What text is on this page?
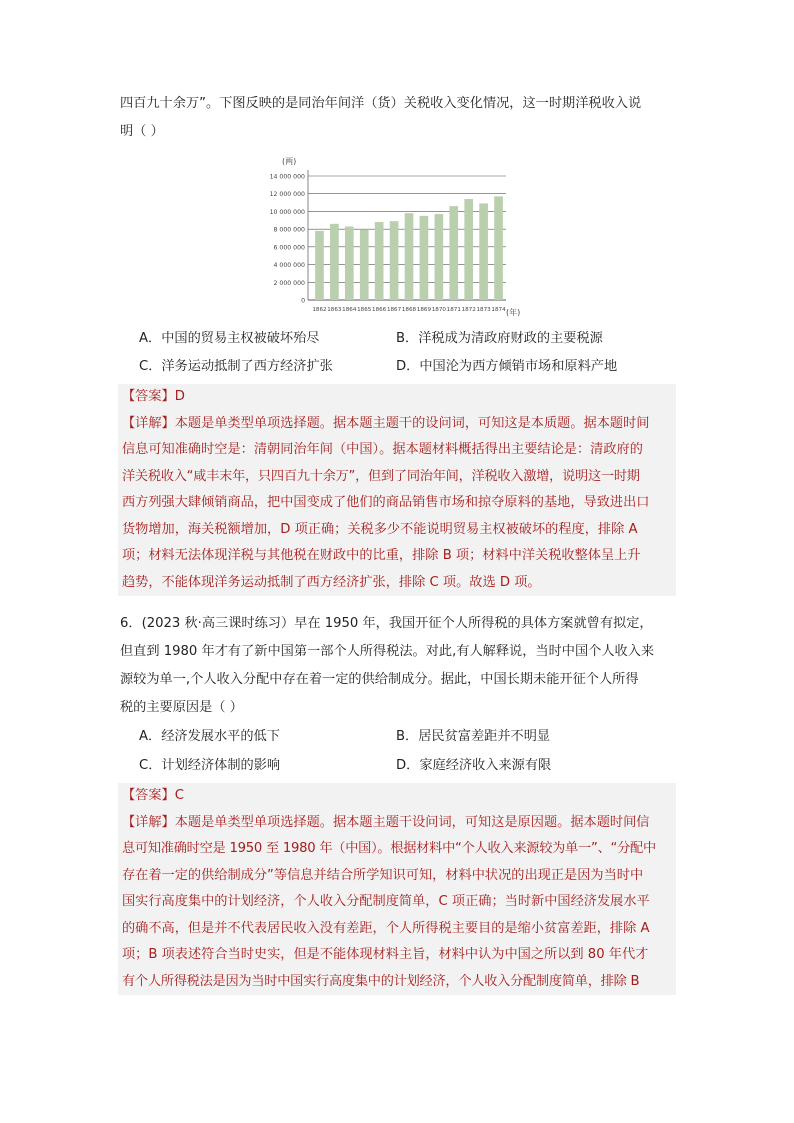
四百九十余万”。下图反映的是同治年间洋（货）关税收入变化情况，这一时期洋税收入说

明（ ）

0
2 000 000
4 000 000
6 000 000
8 000 000
10 000 000
12 000 000
14 000 000
1862 1863 1864 1865 1866 1867 1868 1869 1870 1871 1872 1873 1874
(两)
(年)
A．中国的贸易主权被破坏殆尽	B．洋税成为清政府财政的主要税源
C．洋务运动抵制了西方经济扩张	D．中国沦为西方倾销市场和原料产地

【答案】D

【详解】本题是单类型单项选择题。据本题主题干的设问词，可知这是本质题。据本题时间

信息可知准确时空是：清朝同治年间（中国）。据本题材料概括得出主要结论是：清政府的

洋关税收入“咸丰末年，只四百九十余万”，但到了同治年间，洋税收入激增，说明这一时期

西方列强大肆倾销商品，把中国变成了他们的商品销售市场和掠夺原料的基地，导致进出口

货物增加，海关税额增加，D 项正确；关税多少不能说明贸易主权被破坏的程度，排除 A

项；材料无法体现洋税与其他税在财政中的比重，排除 B 项；材料中洋关税收整体呈上升

趋势，不能体现洋务运动抵制了西方经济扩张，排除 C 项。故选 D 项。

6．(2023 秋·高三课时练习）早在 1950 年，我国开征个人所得税的具体方案就曾有拟定，

但直到 1980 年才有了新中国第一部个人所得税法。对此,有人解释说，当时中国个人收入来

源较为单一,个人收入分配中存在着一定的供给制成分。据此，中国长期未能开征个人所得

税的主要原因是（ ）

A．经济发展水平的低下	B．居民贫富差距并不明显
C．计划经济体制的影响	D．家庭经济收入来源有限

【答案】C

【详解】本题是单类型单项选择题。据本题主题干设问词，可知这是原因题。据本题时间信

息可知准确时空是 1950 至 1980 年（中国）。根据材料中“个人收入来源较为单一”、“分配中

存在着一定的供给制成分”等信息并结合所学知识可知，材料中状况的出现正是因为当时中

国实行高度集中的计划经济，个人收入分配制度简单，C 项正确；当时新中国经济发展水平

的确不高，但是并不代表居民收入没有差距，个人所得税主要目的是缩小贫富差距，排除 A

项；B 项表述符合当时史实，但是不能体现材料主旨，材料中认为中国之所以到 80 年代才

有个人所得税法是因为当时中国实行高度集中的计划经济，个人收入分配制度简单，排除 B
